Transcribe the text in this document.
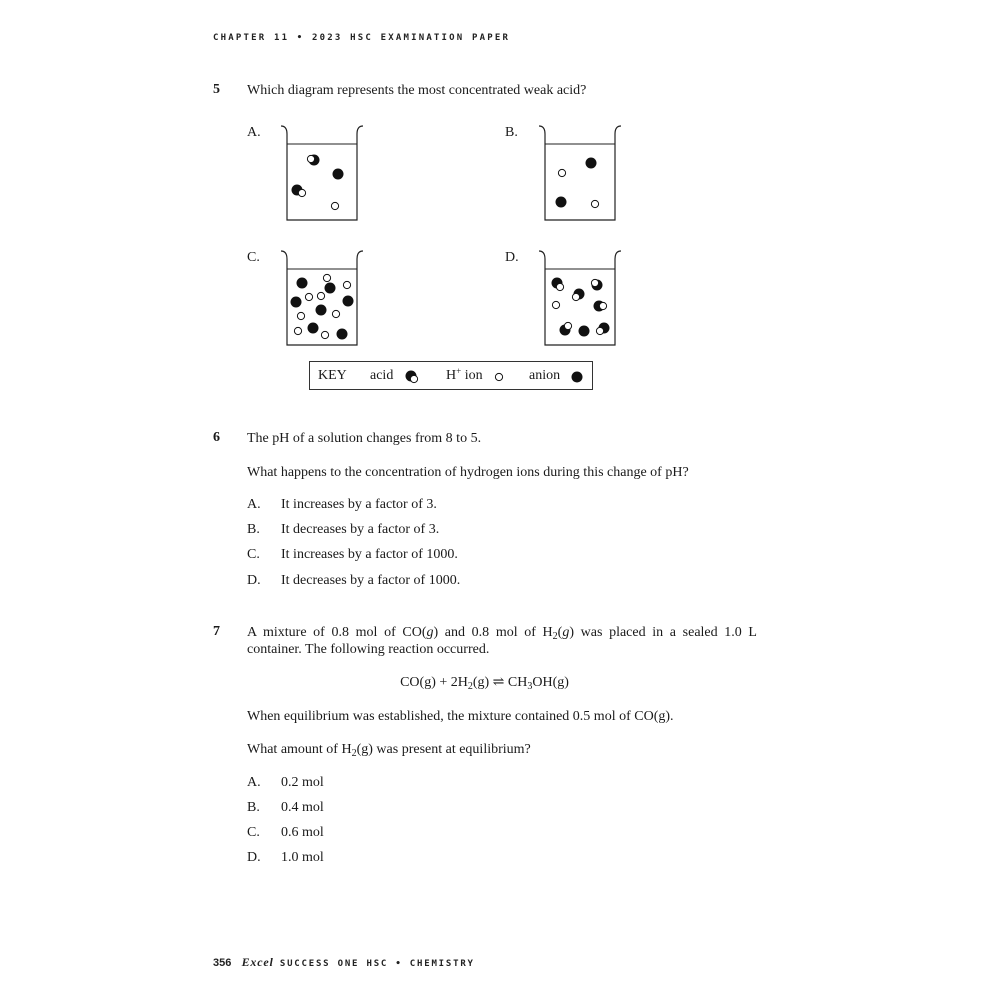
CHAPTER 11 • 2023 HSC EXAMINATION PAPER
5 Which diagram represents the most concentrated weak acid?
A.	B.
C.	D.
KEY acid	H+ ion	anion
6 The pH of a solution changes from 8 to 5.
What happens to the concentration of hydrogen ions during this change of pH?
A. It increases by a factor of 3.
B. It decreases by a factor of 3.
C. It increases by a factor of 1000.
D. It decreases by a factor of 1000.
7 A mixture of 0.8 mol of CO(g) and 0.8 mol of $H_2(g)$ was placed in a sealed 1.0 L container. The following reaction occurred.
$CO(g) + 2H_2(g)$ ⇌ $CH_3OH(g)$
When equilibrium was established, the mixture contained 0.5 mol of CO(g).
What amount of $H_2(g)$ was present at equilibrium?
A. 0.2 mol
B. 0.4 mol
C. 0.6 mol
D. 1.0 mol
356 Excel SUCCESS ONE HSC • CHEMISTRY
